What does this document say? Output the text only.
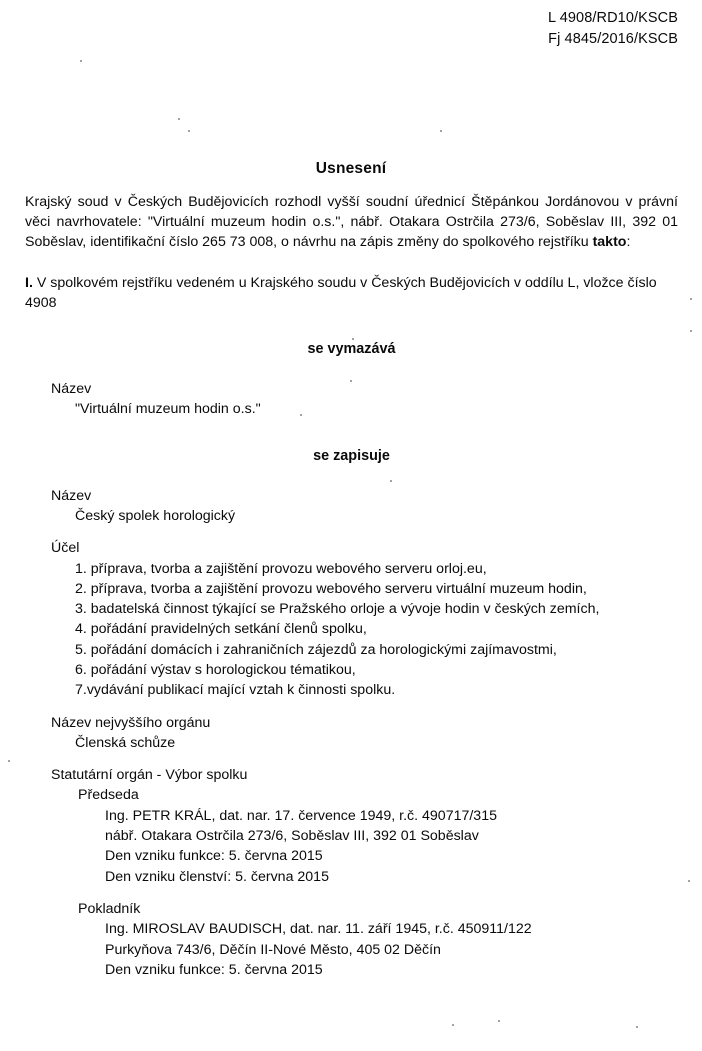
L 4908/RD10/KSCB
Fj 4845/2016/KSCB
Usnesení

Krajský soud v Českých Budějovicích rozhodl vyšší soudní úřednicí Štěpánkou Jordánovou v právní věci navrhovatele: "Virtuální muzeum hodin o.s.", nábř. Otakara Ostrčila 273/6, Soběslav III, 392 01 Soběslav, identifikační číslo 265 73 008, o návrhu na zápis změny do spolkového rejstříku takto:

I. V spolkovém rejstříku vedeném u Krajského soudu v Českých Budějovicích v oddílu L, vložce číslo 4908

se vymazává
Název
"Virtuální muzeum hodin o.s."
se zapisuje
Název
Český spolek horologický
Účel
1. příprava, tvorba a zajištění provozu webového serveru orloj.eu,
2. příprava, tvorba a zajištění provozu webového serveru virtuální muzeum hodin,
3. badatelská činnost týkající se Pražského orloje a vývoje hodin v českých zemích,
4. pořádání pravidelných setkání členů spolku,
5. pořádání domácích i zahraničních zájezdů za horologickými zajímavostmi,
6. pořádání výstav s horologickou tématikou,
7.vydávání publikací mající vztah k činnosti spolku.
Název nejvyššího orgánu
Členská schůze
Statutární orgán - Výbor spolku
Předseda
Ing. PETR KRÁL, dat. nar. 17. července 1949, r.č. 490717/315
nábř. Otakara Ostrčila 273/6, Soběslav III, 392 01 Soběslav
Den vzniku funkce: 5. června 2015
Den vzniku členství: 5. června 2015
Pokladník
Ing. MIROSLAV BAUDISCH, dat. nar. 11. září 1945, r.č. 450911/122
Purkyňova 743/6, Děčín II-Nové Město, 405 02 Děčín
Den vzniku funkce: 5. června 2015
